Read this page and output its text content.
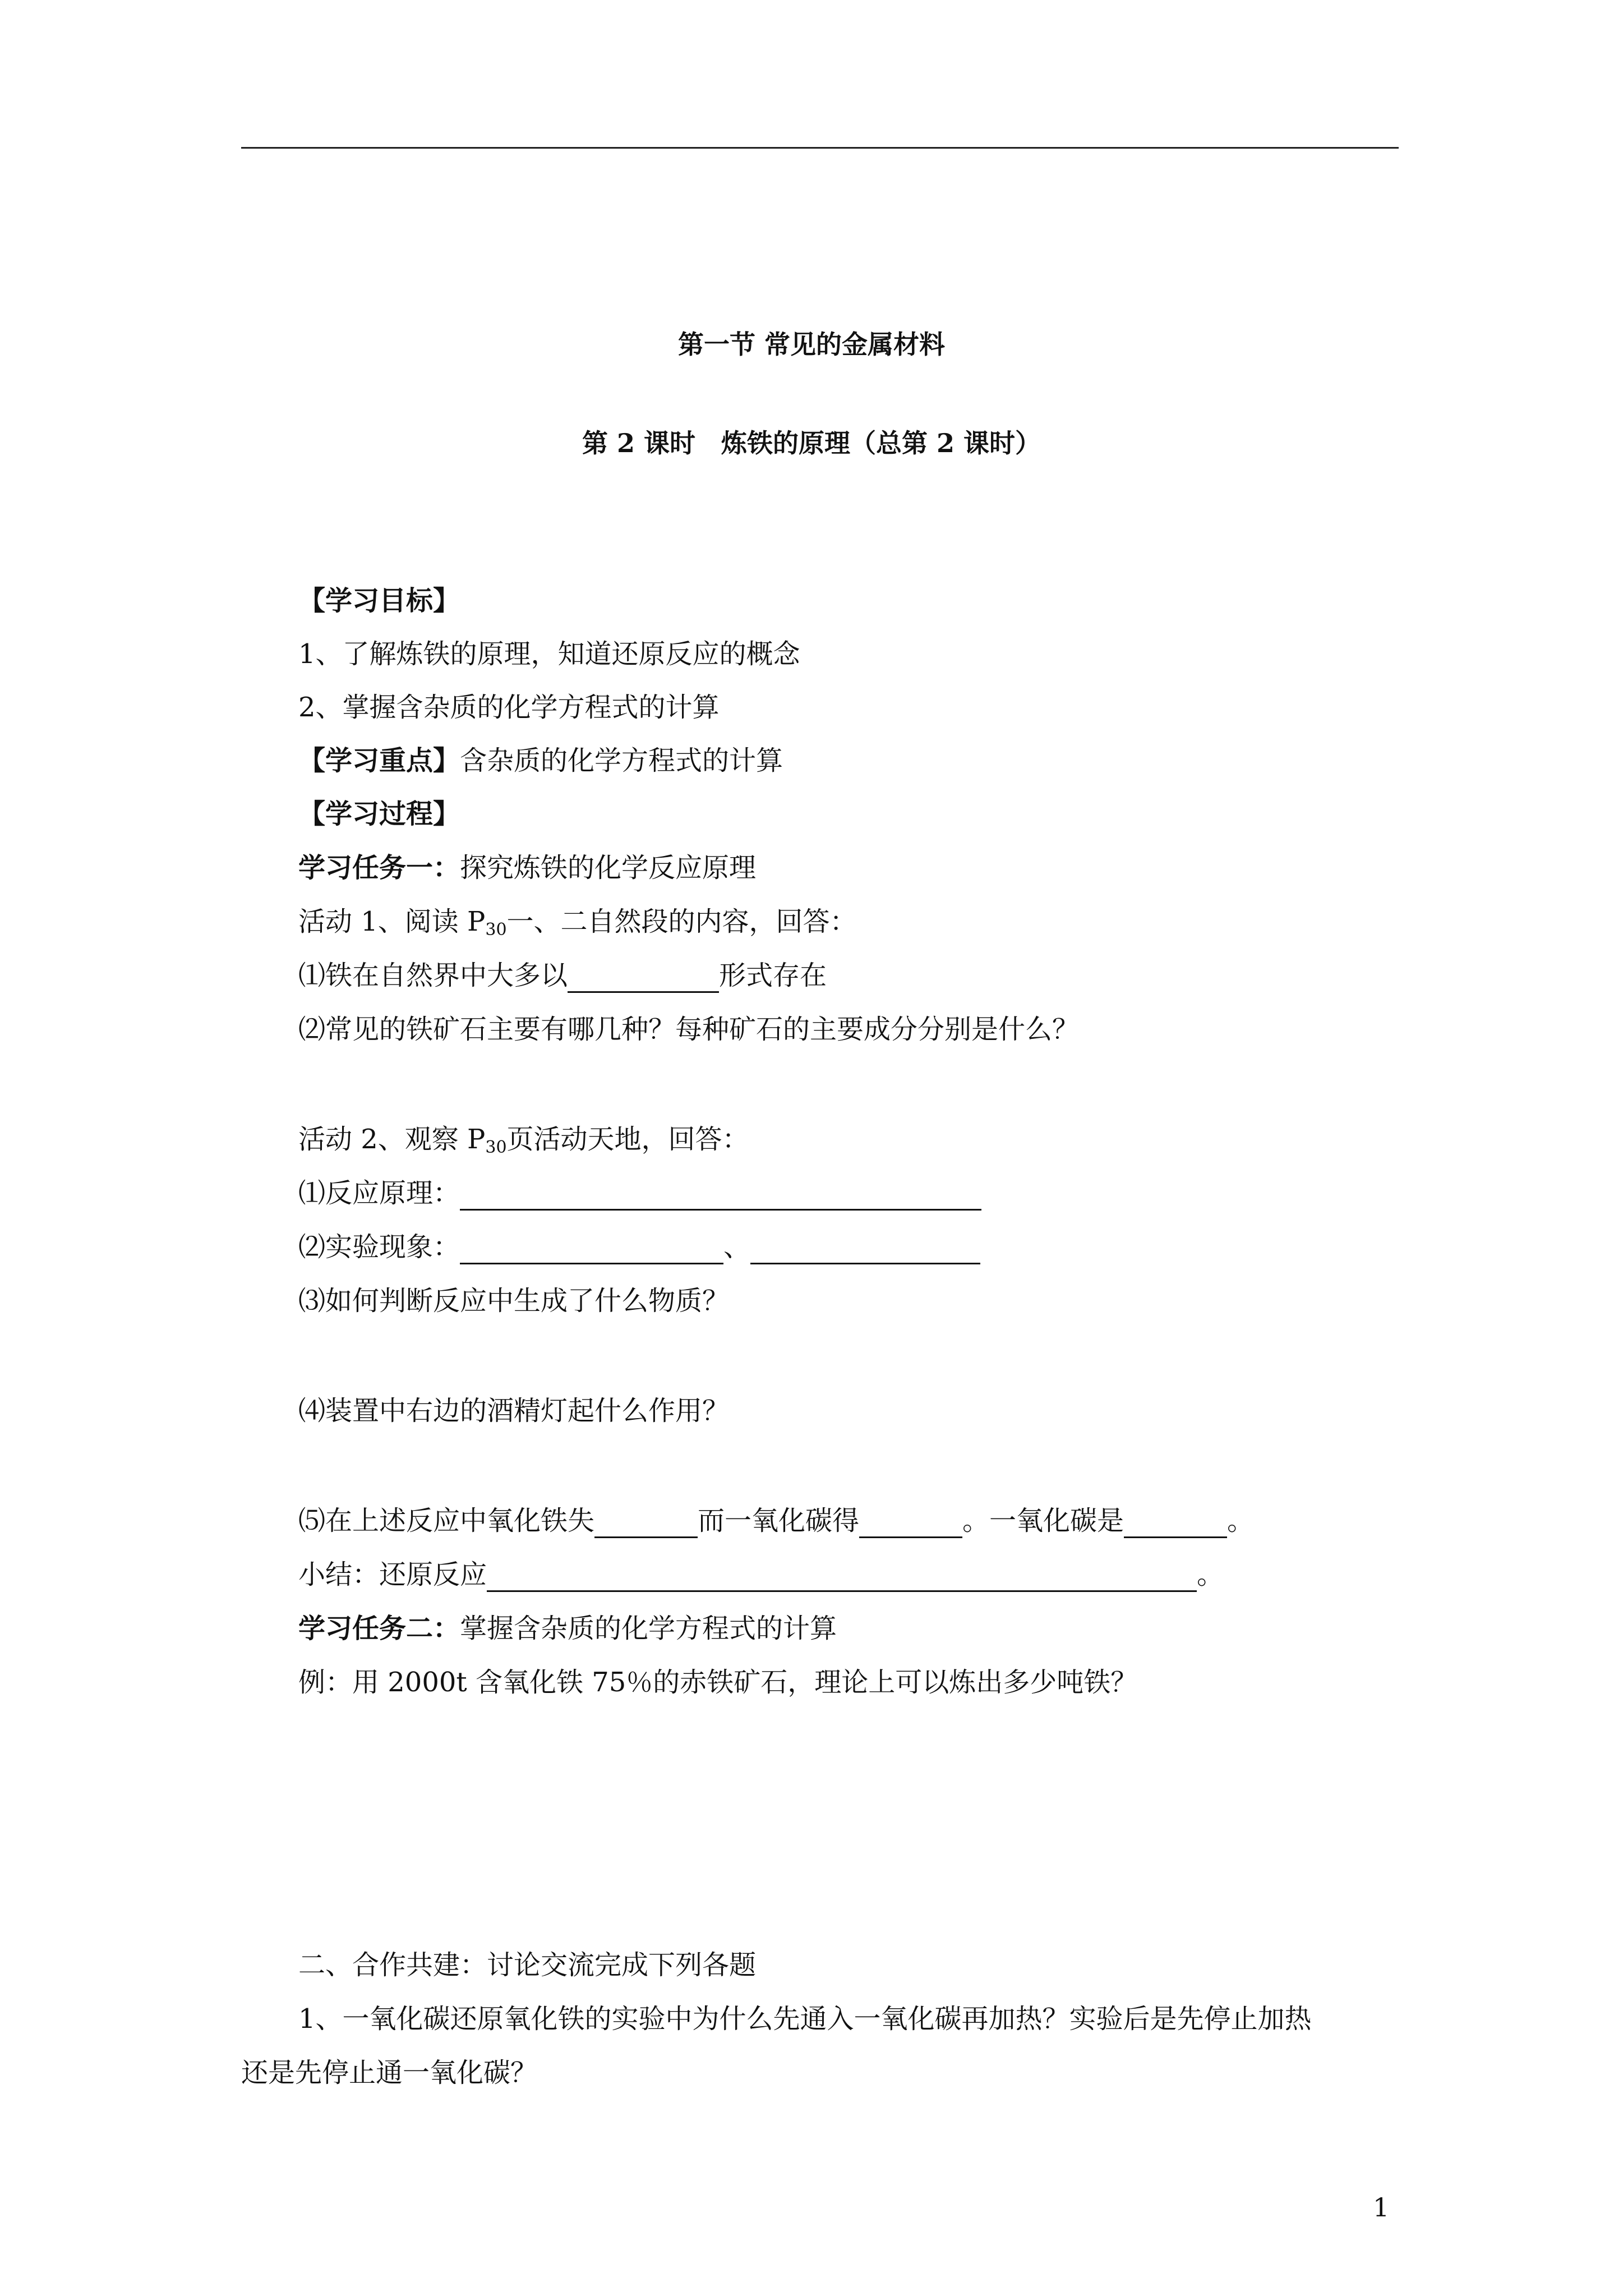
第一节 常见的金属材料
第 2 课时　炼铁的原理（总第 2 课时）
【学习目标】
1、了解炼铁的原理，知道还原反应的概念
2、掌握含杂质的化学方程式的计算
【学习重点】含杂质的化学方程式的计算
【学习过程】
学习任务一：探究炼铁的化学反应原理
活动 1、阅读 $P_{30}$一、二自然段的内容，回答：
⑴铁在自然界中大多以	形式存在
⑵常见的铁矿石主要有哪几种？每种矿石的主要成分分别是什么？
活动 2、观察 $P_{30}$页活动天地，回答：
⑴反应原理：
⑵实验现象：	、
⑶如何判断反应中生成了什么物质？
⑷装置中右边的酒精灯起什么作用？
⑸在上述反应中氧化铁失	而一氧化碳得	。一氧化碳是	。
小结：还原反应	。
学习任务二：掌握含杂质的化学方程式的计算
例：用 2000t 含氧化铁 75％的赤铁矿石，理论上可以炼出多少吨铁？
二、合作共建：讨论交流完成下列各题
1、一氧化碳还原氧化铁的实验中为什么先通入一氧化碳再加热？实验后是先停止加热
还是先停止通一氧化碳？
1
